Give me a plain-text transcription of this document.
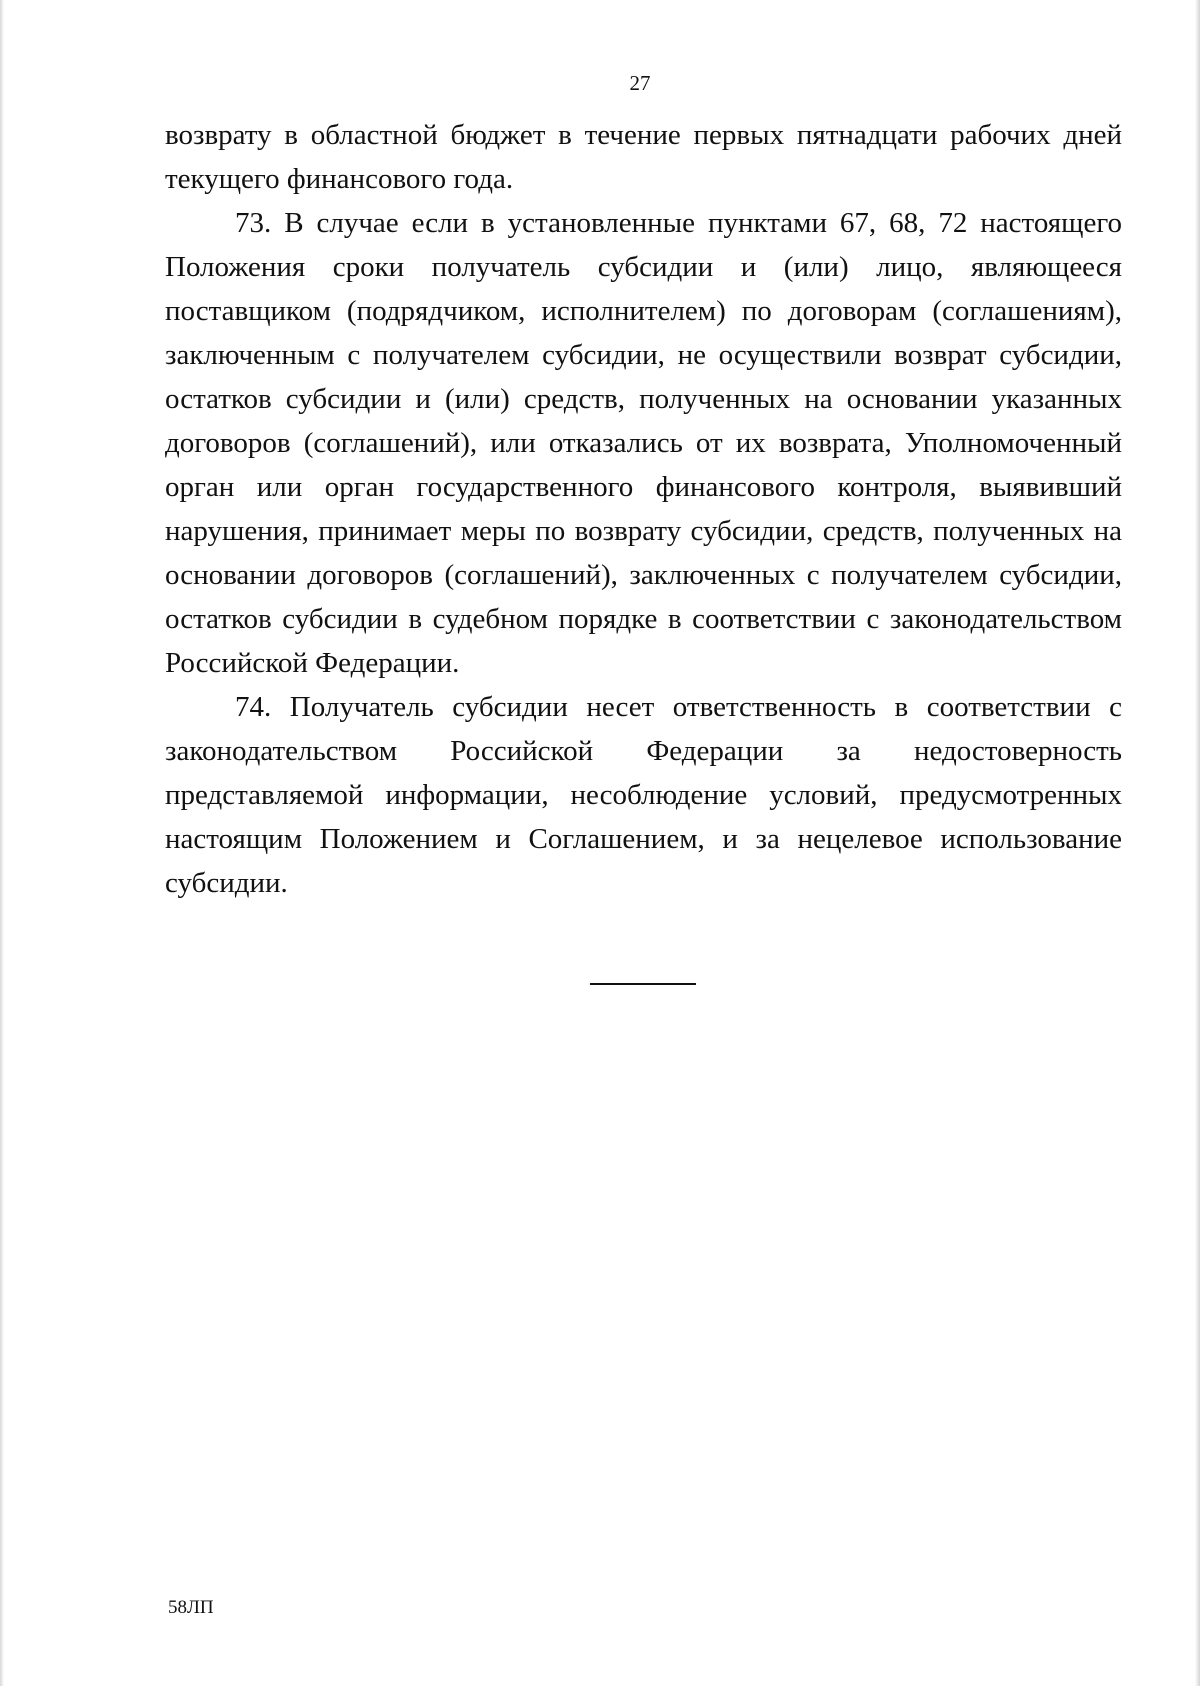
27

возврату в областной бюджет в течение первых пятнадцати рабочих дней текущего финансового года.

73. В случае если в установленные пунктами 67, 68, 72 настоящего Положения сроки получатель субсидии и (или) лицо, являющееся поставщиком (подрядчиком, исполнителем) по договорам (соглашениям), заключенным с получателем субсидии, не осуществили возврат субсидии, остатков субсидии и (или) средств, полученных на основании указанных договоров (соглашений), или отказались от их возврата, Уполномоченный орган или орган государственного финансового контроля, выявивший нарушения, принимает меры по возврату субсидии, средств, полученных на основании договоров (соглашений), заключенных с получателем субсидии, остатков субсидии в судебном порядке в соответствии с законодательством Российской Федерации.

74. Получатель субсидии несет ответственность в соответствии с законодательством Российской Федерации за недостоверность представляемой информации, несоблюдение условий, предусмотренных настоящим Положением и Соглашением, и за нецелевое использование субсидии.

58ЛП
